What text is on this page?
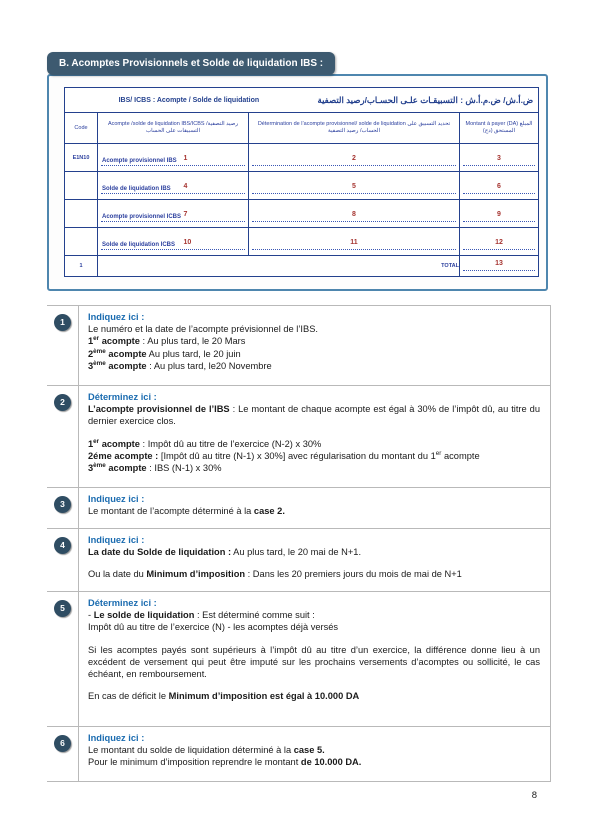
B. Acomptes Provisionnels et Solde de liquidation IBS :
IBS/ ICBS : Acompte / Solde de liquidation ض.أ.ش/ ض.م.أ.ش : التسبيقـات علـى الحسـاب/رصيد التصفية			

Code	Acompte /solde de liquidation IBS/ICBS رصيد التصفية/ التسبيقات على الحساب	Détermination de l’acompte provisionnel/ solde de liquidation تحديد التسبيق على الحساب/ رصيد التصفية	Montant à payer (DA) المبلغ المستحق (دج)
E1N10	Acompte provisionnel IBS 1	2	3

	Solde de liquidation IBS 4	5	6

	Acompte provisionnel ICBS 7	8	9

	Solde de liquidation ICBS 10	11	12

1	TOTAL		13
1	Indiquez ici :
Le numéro et la date de l’acompte prévisionnel de l’IBS.
1er acompte : Au plus tard, le 20 Mars
2ème acompte Au plus tard, le 20 juin
3ème acompte : Au plus tard, le20 Novembre
2	Déterminez ici :
L’acompte provisionnel de l’IBS : Le montant de chaque acompte est égal à 30% de l’impôt dû, au titre du dernier exercice clos.
1er acompte : Impôt dû au titre de l’exercice (N-2) x 30%
2éme acompte : [Impôt dû au titre (N-1) x 30%] avec régularisation du montant du 1er acompte
3ème acompte : IBS (N-1) x 30%
3	Indiquez ici :
Le montant de l’acompte déterminé à la case 2.
4	Indiquez ici :
La date du Solde de liquidation : Au plus tard, le 20 mai de N+1.
Ou la date du Minimum d’imposition : Dans les 20 premiers jours du mois de mai de N+1
5	Déterminez ici :
- Le solde de liquidation : Est déterminé comme suit :
Impôt dû au titre de l’exercice (N) - les acomptes déjà versés
Si les acomptes payés sont supérieurs à l’impôt dû au titre d’un exercice, la différence donne lieu à un excédent de versement qui peut être imputé sur les prochains versements d’acomptes ou sollicité, le cas échéant, en remboursement.
En cas de déficit le Minimum d’imposition est égal à 10.000 DA
6	Indiquez ici :
Le montant du solde de liquidation déterminé à la case 5.
Pour le minimum d’imposition reprendre le montant de 10.000 DA.
8
